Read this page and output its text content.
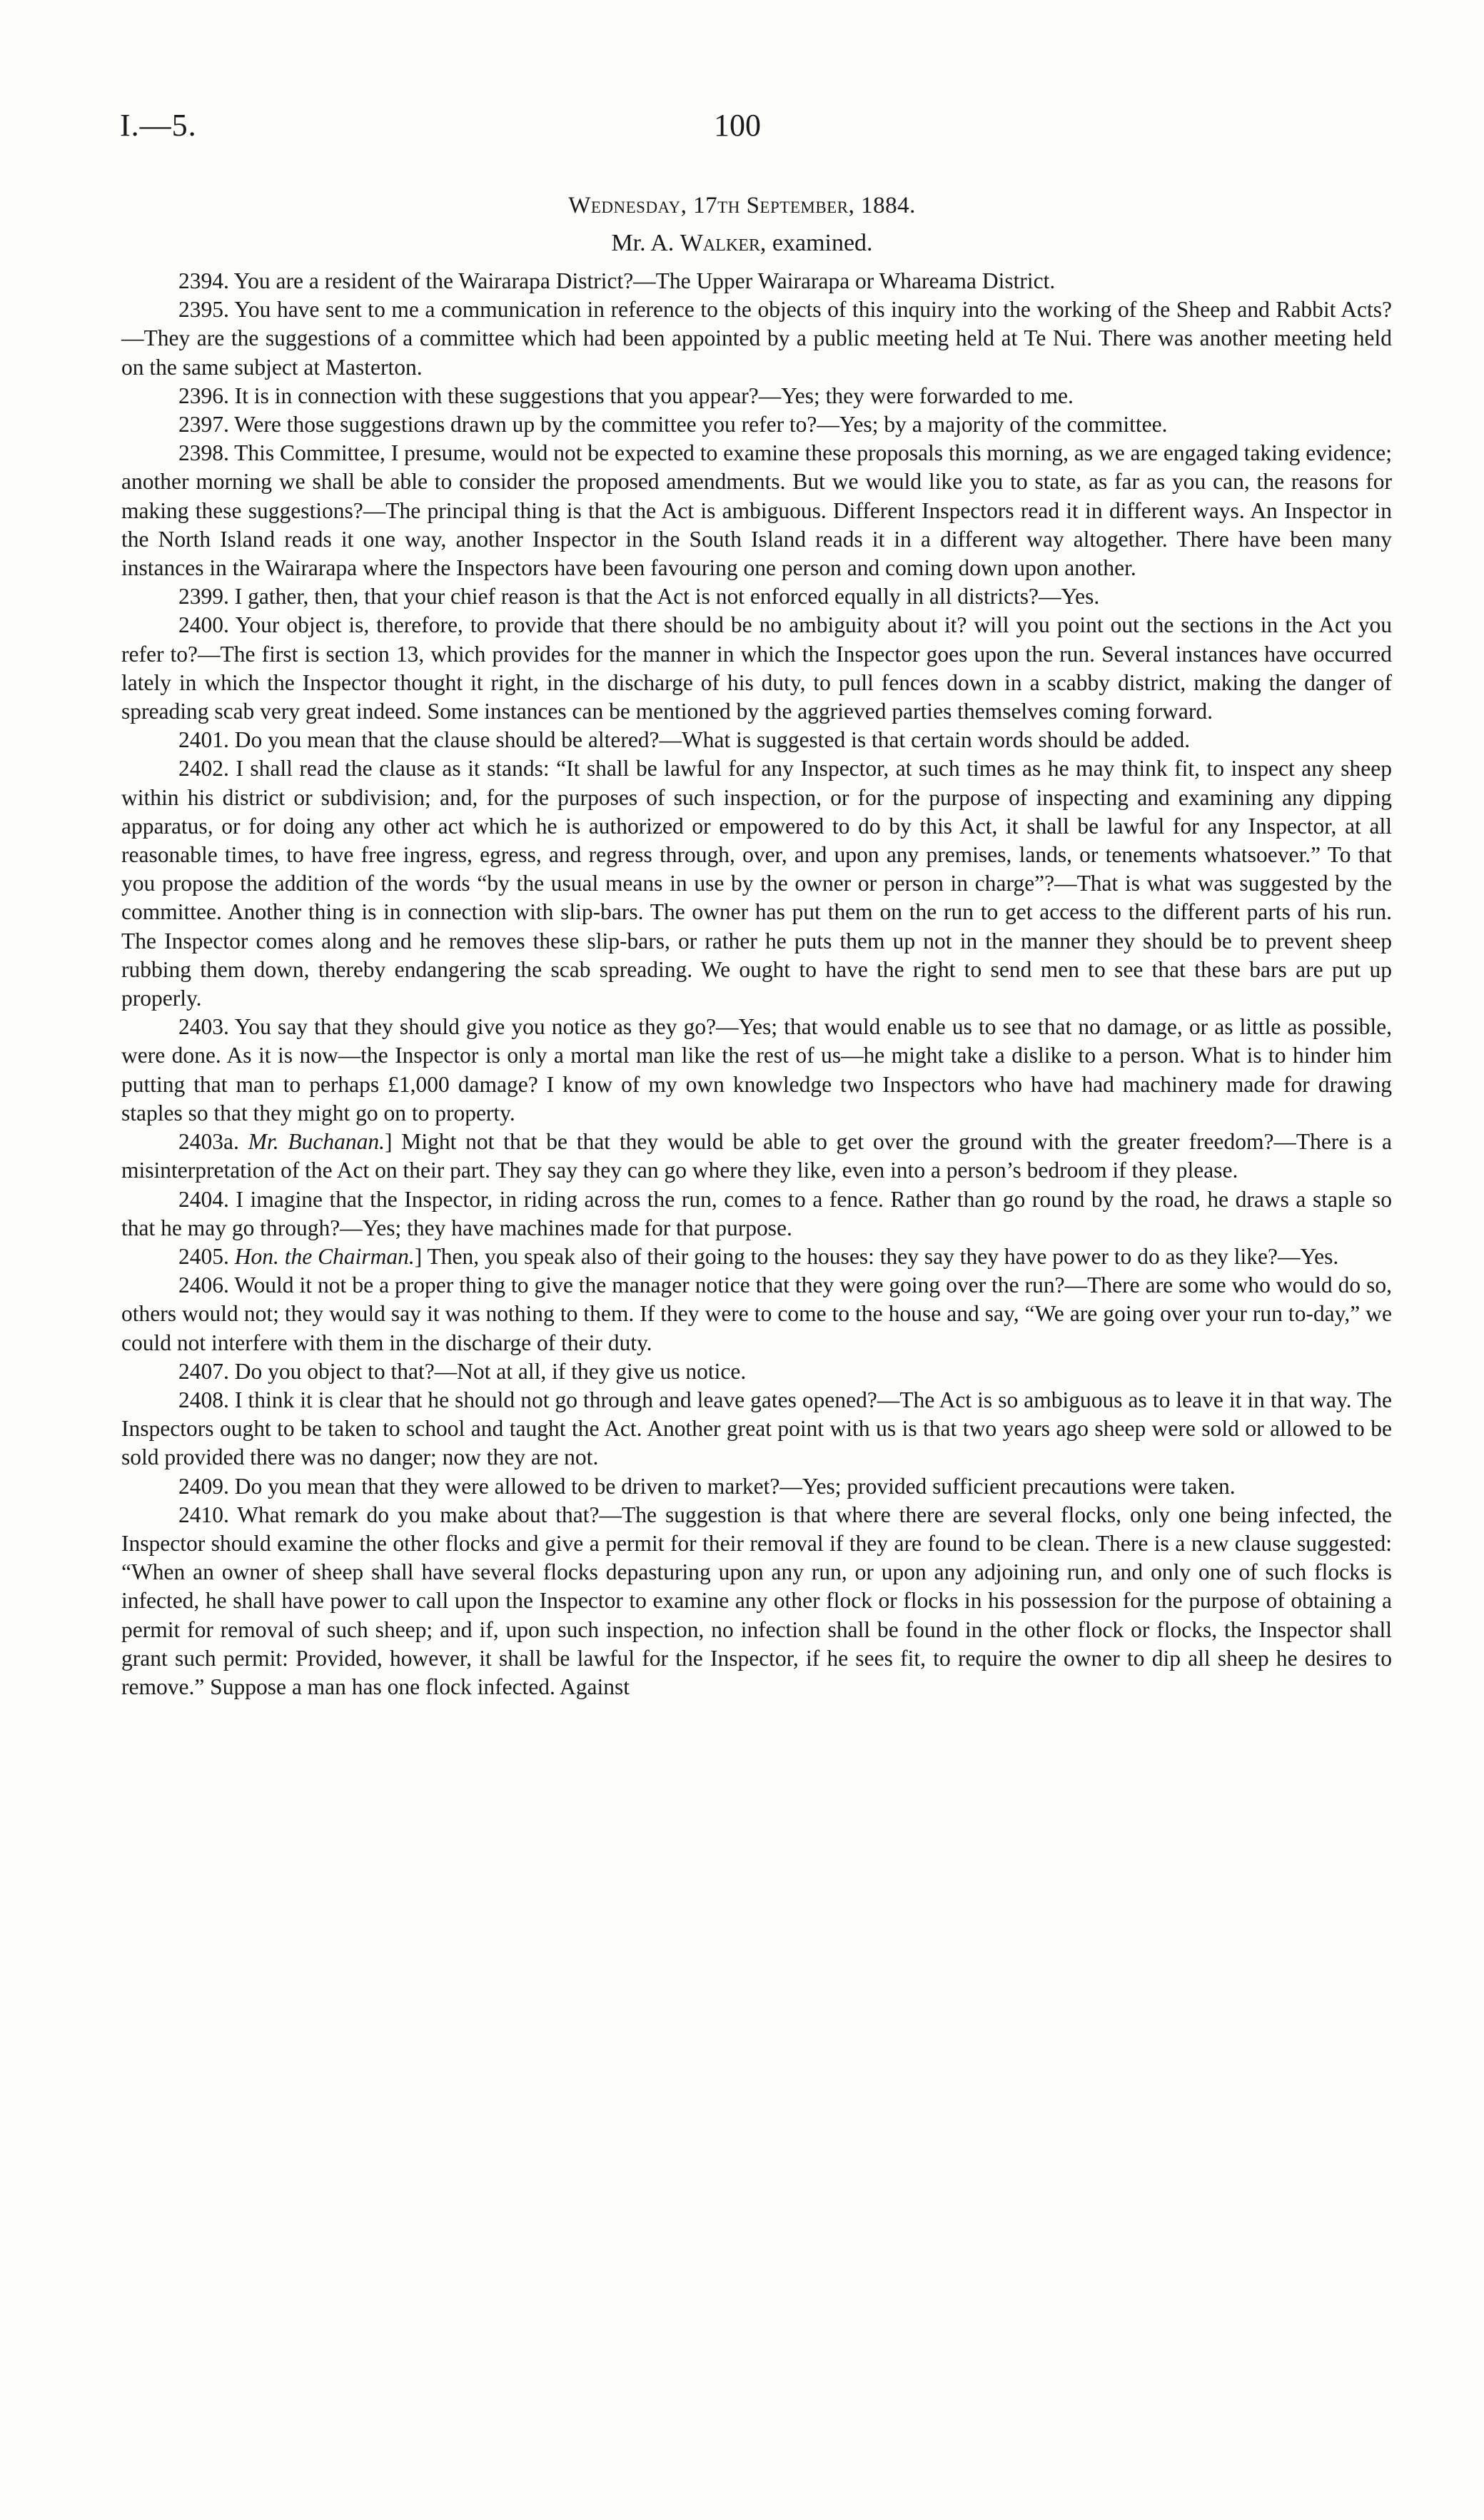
I.—5.	100
Wednesday, 17th September, 1884.
Mr. A. Walker, examined.

2394. You are a resident of the Wairarapa District?—The Upper Wairarapa or Whareama District.

2395. You have sent to me a communication in reference to the objects of this inquiry into the working of the Sheep and Rabbit Acts?—They are the suggestions of a committee which had been appointed by a public meeting held at Te Nui. There was another meeting held on the same subject at Masterton.

2396. It is in connection with these suggestions that you appear?—Yes; they were forwarded to me.

2397. Were those suggestions drawn up by the committee you refer to?—Yes; by a majority of the committee.

2398. This Committee, I presume, would not be expected to examine these proposals this morning, as we are engaged taking evidence; another morning we shall be able to consider the proposed amendments. But we would like you to state, as far as you can, the reasons for making these suggestions?—The principal thing is that the Act is ambiguous. Different Inspectors read it in different ways. An Inspector in the North Island reads it one way, another Inspector in the South Island reads it in a different way altogether. There have been many instances in the Wairarapa where the Inspectors have been favouring one person and coming down upon another.

2399. I gather, then, that your chief reason is that the Act is not enforced equally in all districts?—Yes.

2400. Your object is, therefore, to provide that there should be no ambiguity about it? will you point out the sections in the Act you refer to?—The first is section 13, which provides for the manner in which the Inspector goes upon the run. Several instances have occurred lately in which the Inspector thought it right, in the discharge of his duty, to pull fences down in a scabby district, making the danger of spreading scab very great indeed. Some instances can be mentioned by the aggrieved parties themselves coming forward.

2401. Do you mean that the clause should be altered?—What is suggested is that certain words should be added.

2402. I shall read the clause as it stands: “It shall be lawful for any Inspector, at such times as he may think fit, to inspect any sheep within his district or subdivision; and, for the purposes of such inspection, or for the purpose of inspecting and examining any dipping apparatus, or for doing any other act which he is authorized or empowered to do by this Act, it shall be lawful for any Inspector, at all reasonable times, to have free ingress, egress, and regress through, over, and upon any premises, lands, or tenements whatsoever.” To that you propose the addition of the words “by the usual means in use by the owner or person in charge”?—That is what was suggested by the committee. Another thing is in connection with slip-bars. The owner has put them on the run to get access to the different parts of his run. The Inspector comes along and he removes these slip-bars, or rather he puts them up not in the manner they should be to prevent sheep rubbing them down, thereby endangering the scab spreading. We ought to have the right to send men to see that these bars are put up properly.

2403. You say that they should give you notice as they go?—Yes; that would enable us to see that no damage, or as little as possible, were done. As it is now—the Inspector is only a mortal man like the rest of us—he might take a dislike to a person. What is to hinder him putting that man to perhaps £1,000 damage? I know of my own knowledge two Inspectors who have had machinery made for drawing staples so that they might go on to property.

2403a. Mr. Buchanan.] Might not that be that they would be able to get over the ground with the greater freedom?—There is a misinterpretation of the Act on their part. They say they can go where they like, even into a person’s bedroom if they please.

2404. I imagine that the Inspector, in riding across the run, comes to a fence. Rather than go round by the road, he draws a staple so that he may go through?—Yes; they have machines made for that purpose.

2405. Hon. the Chairman.] Then, you speak also of their going to the houses: they say they have power to do as they like?—Yes.

2406. Would it not be a proper thing to give the manager notice that they were going over the run?—There are some who would do so, others would not; they would say it was nothing to them. If they were to come to the house and say, “We are going over your run to-day,” we could not interfere with them in the discharge of their duty.

2407. Do you object to that?—Not at all, if they give us notice.

2408. I think it is clear that he should not go through and leave gates opened?—The Act is so ambiguous as to leave it in that way. The Inspectors ought to be taken to school and taught the Act. Another great point with us is that two years ago sheep were sold or allowed to be sold provided there was no danger; now they are not.

2409. Do you mean that they were allowed to be driven to market?—Yes; provided sufficient precautions were taken.

2410. What remark do you make about that?—The suggestion is that where there are several flocks, only one being infected, the Inspector should examine the other flocks and give a permit for their removal if they are found to be clean. There is a new clause suggested: “When an owner of sheep shall have several flocks depasturing upon any run, or upon any adjoining run, and only one of such flocks is infected, he shall have power to call upon the Inspector to examine any other flock or flocks in his possession for the purpose of obtaining a permit for removal of such sheep; and if, upon such inspection, no infection shall be found in the other flock or flocks, the Inspector shall grant such permit: Provided, however, it shall be lawful for the Inspector, if he sees fit, to require the owner to dip all sheep he desires to remove.” Suppose a man has one flock infected. Against
